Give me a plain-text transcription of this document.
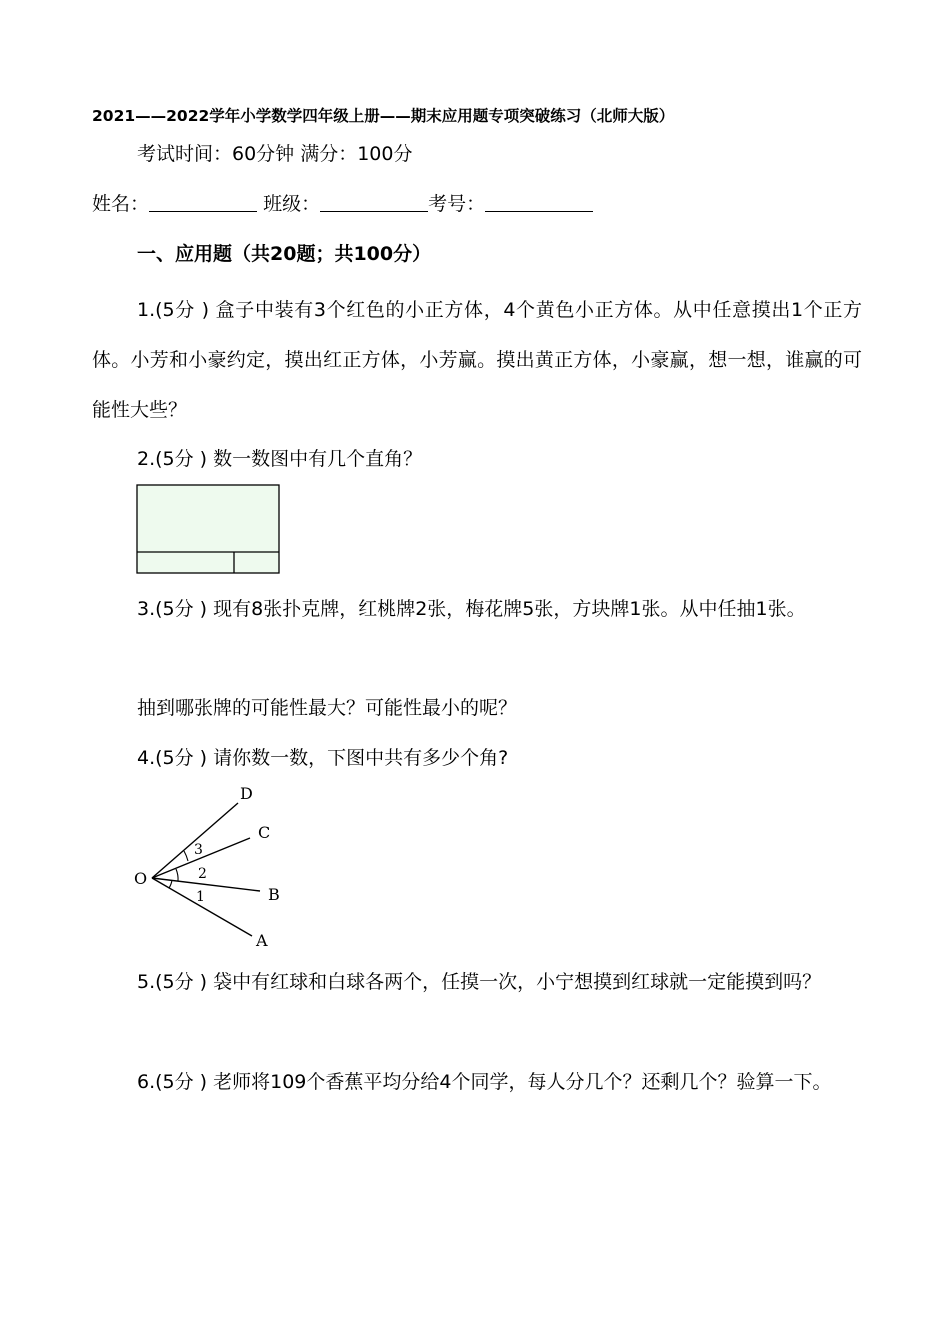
2021——2022学年小学数学四年级上册——期末应用题专项突破练习（北师大版）
考试时间：60分钟 满分：100分
姓名：	班级：	考号：
一、应用题（共20题；共100分）
1.(5分 ) 盒子中装有3个红色的小正方体，4个黄色小正方体。从中任意摸出1个正方体。小芳和小豪约定，摸出红正方体，小芳赢。摸出黄正方体，小豪赢，想一想，谁赢的可能性大些？
2.(5分 ) 数一数图中有几个直角？
3.(5分 ) 现有8张扑克牌，红桃牌2张，梅花牌5张，方块牌1张。从中任抽1张。
抽到哪张牌的可能性最大？可能性最小的呢？
4.(5分 ) 请你数一数，下图中共有多少个角?
D
C
O
B
A
3
2
1
5.(5分 ) 袋中有红球和白球各两个，任摸一次，小宁想摸到红球就一定能摸到吗？
6.(5分 ) 老师将109个香蕉平均分给4个同学，每人分几个？还剩几个？验算一下。
